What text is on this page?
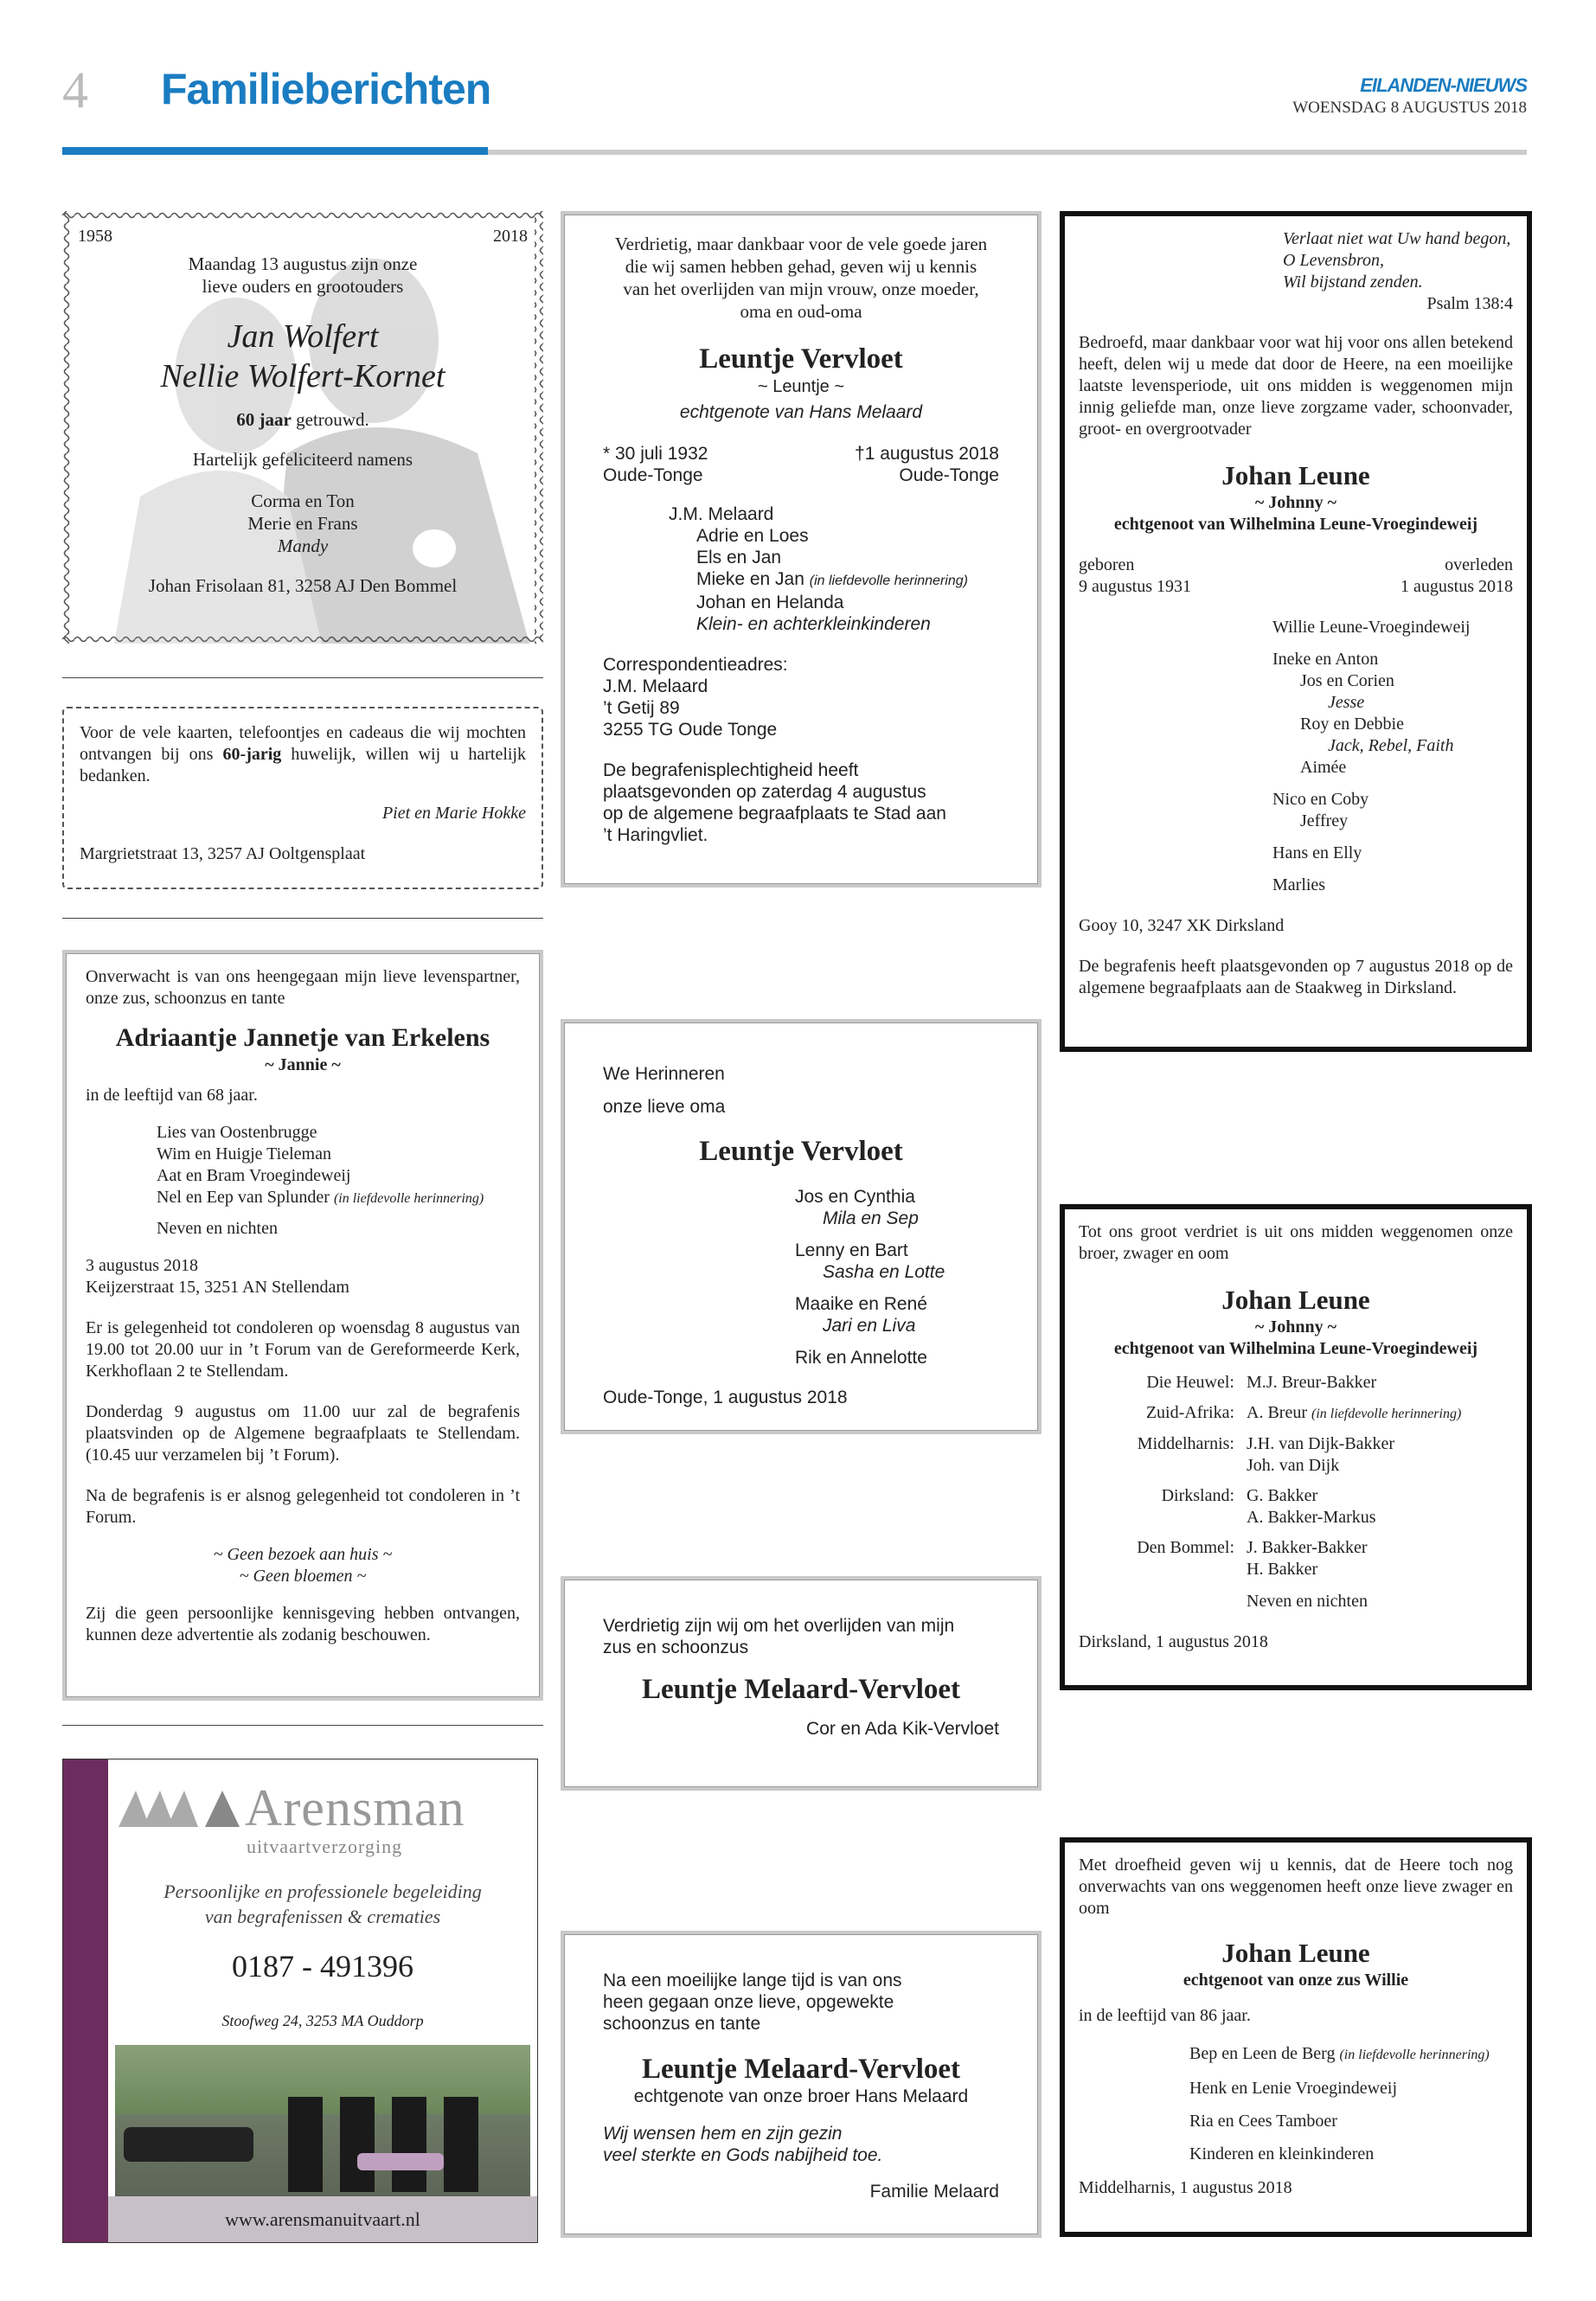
4 Familieberichten	EILANDEN-NIEUWS
WOENSDAG 8 AUGUSTUS 2018
1958	2018
Maandag 13 augustus zijn onze
lieve ouders en grootouders
Jan Wolfert
Nellie Wolfert-Kornet
60 jaar getrouwd.
Hartelijk gefeliciteerd namens
Corma en Ton
Merie en Frans
Mandy
Johan Frisolaan 81, 3258 AJ Den Bommel
Voor de vele kaarten, telefoontjes en cadeaus die wij mochten ontvangen bij ons 60-jarig huwelijk, willen wij u hartelijk bedanken.
Piet en Marie Hokke
Margrietstraat 13, 3257 AJ Ooltgensplaat
Onverwacht is van ons heengegaan mijn lieve levenspartner, onze zus, schoonzus en tante
Adriaantje Jannetje van Erkelens
~ Jannie ~
in de leeftijd van 68 jaar.
Lies van Oostenbrugge
Wim en Huigje Tieleman
Aat en Bram Vroegindeweij
Nel en Eep van Splunder (in liefdevolle herinnering)
Neven en nichten
3 augustus 2018
Keijzerstraat 15, 3251 AN Stellendam
Er is gelegenheid tot condoleren op woensdag 8 augustus van 19.00 tot 20.00 uur in ’t Forum van de Gereformeerde Kerk, Kerkhoflaan 2 te Stellendam.
Donderdag 9 augustus om 11.00 uur zal de begrafenis plaatsvinden op de Algemene begraafplaats te Stellendam. (10.45 uur verzamelen bij ’t Forum).
Na de begrafenis is er alsnog gelegenheid tot condoleren in ’t Forum.
~ Geen bezoek aan huis ~
~ Geen bloemen ~
Zij die geen persoonlijke kennisgeving hebben ontvangen, kunnen deze advertentie als zodanig beschouwen.
Arensman
uitvaartverzorging
Persoonlijke en professionele begeleiding
van begrafenissen & crematies
0187 - 491396
Stoofweg 24, 3253 MA Ouddorp
www.arensmanuitvaart.nl
Verdrietig, maar dankbaar voor de vele goede jaren die wij samen hebben gehad, geven wij u kennis van het overlijden van mijn vrouw, onze moeder, oma en oud-oma
Leuntje Vervloet
~ Leuntje ~
echtgenote van Hans Melaard
* 30 juli 1932	†1 augustus 2018
Oude-Tonge	Oude-Tonge
J.M. Melaard
Adrie en Loes
Els en Jan
Mieke en Jan (in liefdevolle herinnering)
Johan en Helanda
Klein- en achterkleinkinderen
Correspondentieadres:
J.M. Melaard
’t Getij 89
3255 TG Oude Tonge
De begrafenisplechtigheid heeft plaatsgevonden op zaterdag 4 augustus op de algemene begraafplaats te Stad aan ’t Haringvliet.
We Herinneren
onze lieve oma
Leuntje Vervloet
Jos en Cynthia
Mila en Sep
Lenny en Bart
Sasha en Lotte
Maaike en René
Jari en Liva
Rik en Annelotte
Oude-Tonge, 1 augustus 2018
Verdrietig zijn wij om het overlijden van mijn zus en schoonzus
Leuntje Melaard-Vervloet
Cor en Ada Kik-Vervloet
Na een moeilijke lange tijd is van ons heen gegaan onze lieve, opgewekte schoonzus en tante
Leuntje Melaard-Vervloet
echtgenote van onze broer Hans Melaard
Wij wensen hem en zijn gezin
veel sterkte en Gods nabijheid toe.
Familie Melaard
Verlaat niet wat Uw hand begon,
O Levensbron,
Wil bijstand zenden.
Psalm 138:4
Bedroefd, maar dankbaar voor wat hij voor ons allen betekend heeft, delen wij u mede dat door de Heere, na een moeilijke laatste levensperiode, uit ons midden is weggenomen mijn innig geliefde man, onze lieve zorgzame vader, schoonvader, groot- en overgrootvader
Johan Leune
~ Johnny ~
echtgenoot van Wilhelmina Leune-Vroegindeweij
geboren	overleden
9 augustus 1931	1 augustus 2018
Willie Leune-Vroegindeweij
Ineke en Anton
Jos en Corien
Jesse
Roy en Debbie
Jack, Rebel, Faith
Aimée
Nico en Coby
Jeffrey
Hans en Elly
Marlies
Gooy 10, 3247 XK Dirksland
De begrafenis heeft plaatsgevonden op 7 augustus 2018 op de algemene begraafplaats aan de Staakweg in Dirksland.
Tot ons groot verdriet is uit ons midden weggenomen onze broer, zwager en oom
Johan Leune
~ Johnny ~
echtgenoot van Wilhelmina Leune-Vroegindeweij
Die Heuwel: M.J. Breur-Bakker
Zuid-Afrika: A. Breur (in liefdevolle herinnering)
Middelharnis: J.H. van Dijk-Bakker
Joh. van Dijk
Dirksland: G. Bakker
A. Bakker-Markus
Den Bommel: J. Bakker-Bakker
H. Bakker
Neven en nichten
Dirksland, 1 augustus 2018
Met droefheid geven wij u kennis, dat de Heere toch nog onverwachts van ons weggenomen heeft onze lieve zwager en oom
Johan Leune
echtgenoot van onze zus Willie
in de leeftijd van 86 jaar.
Bep en Leen de Berg (in liefdevolle herinnering)
Henk en Lenie Vroegindeweij
Ria en Cees Tamboer
Kinderen en kleinkinderen
Middelharnis, 1 augustus 2018
